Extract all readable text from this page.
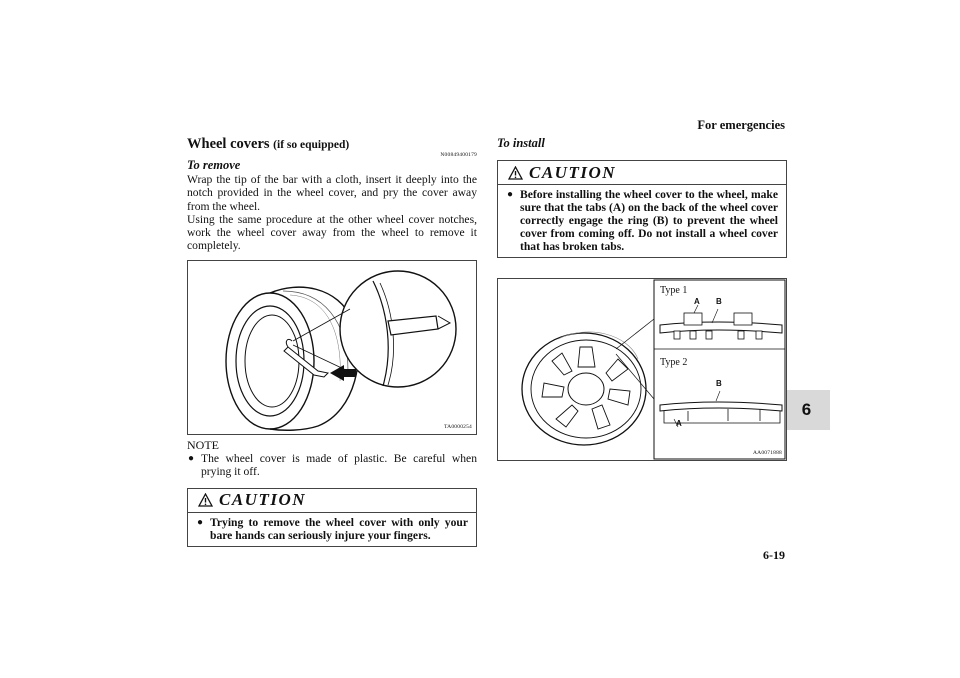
For emergencies
6
6-19
Wheel covers (if so equipped)
N00849400179
To remove
Wrap the tip of the bar with a cloth, insert it deeply into the notch provided in the wheel cover, and pry the cover away from the wheel.
Using the same procedure at the other wheel cover notches, work the wheel cover away from the wheel to remove it completely.
TA0000254
NOTE
● The wheel cover is made of plastic. Be careful when prying it off.
CAUTION
● Trying to remove the wheel cover with only your bare hands can seriously injure your fingers.
To install
CAUTION
● Before installing the wheel cover to the wheel, make sure that the tabs (A) on the back of the wheel cover correctly engage the ring (B) to prevent the wheel cover from coming off. Do not install a wheel cover that has broken tabs.
Type 1
Type 2
A B
B
A
AA0071888
